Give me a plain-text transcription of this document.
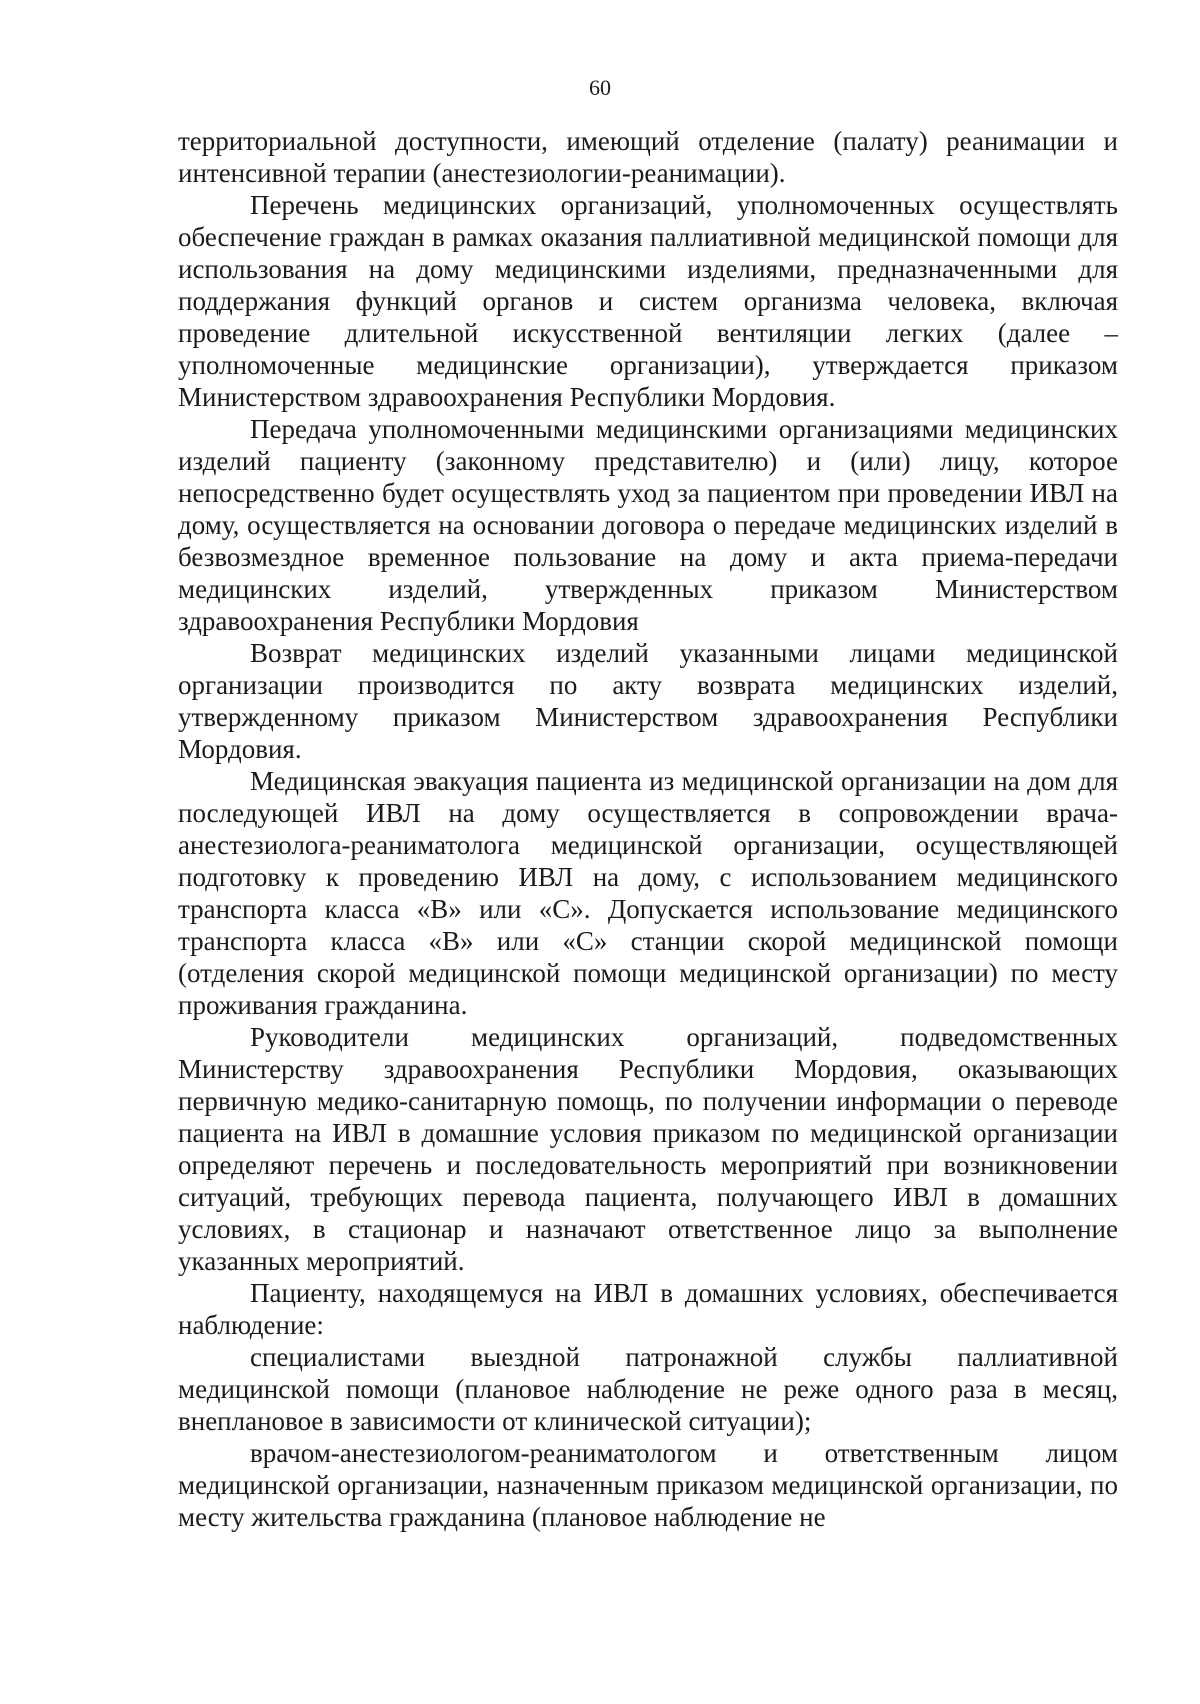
60

территориальной доступности, имеющий отделение (палату) реанимации и интенсивной терапии (анестезиологии-реанимации).

Перечень медицинских организаций, уполномоченных осуществлять обеспечение граждан в рамках оказания паллиативной медицинской помощи для использования на дому медицинскими изделиями, предназначенными для поддержания функций органов и систем организма человека, включая проведение длительной искусственной вентиляции легких (далее – уполномоченные медицинские организации), утверждается приказом Министерством здравоохранения Республики Мордовия.

Передача уполномоченными медицинскими организациями медицинских изделий пациенту (законному представителю) и (или) лицу, которое непосредственно будет осуществлять уход за пациентом при проведении ИВЛ на дому, осуществляется на основании договора о передаче медицинских изделий в безвозмездное временное пользование на дому и акта приема-передачи медицинских изделий, утвержденных приказом Министерством здравоохранения Республики Мордовия

Возврат медицинских изделий указанными лицами медицинской организации производится по акту возврата медицинских изделий, утвержденному приказом Министерством здравоохранения Республики Мордовия.

Медицинская эвакуация пациента из медицинской организации на дом для последующей ИВЛ на дому осуществляется в сопровождении врача-анестезиолога-реаниматолога медицинской организации, осуществляющей подготовку к проведению ИВЛ на дому, с использованием медицинского транспорта класса «В» или «С». Допускается использование медицинского транспорта класса «В» или «С» станции скорой медицинской помощи (отделения скорой медицинской помощи медицинской организации) по месту проживания гражданина.

Руководители медицинских организаций, подведомственных Министерству здравоохранения Республики Мордовия, оказывающих первичную медико-санитарную помощь, по получении информации о переводе пациента на ИВЛ в домашние условия приказом по медицинской организации определяют перечень и последовательность мероприятий при возникновении ситуаций, требующих перевода пациента, получающего ИВЛ в домашних условиях, в стационар и назначают ответственное лицо за выполнение указанных мероприятий.

Пациенту, находящемуся на ИВЛ в домашних условиях, обеспечивается наблюдение:

специалистами выездной патронажной службы паллиативной медицинской помощи (плановое наблюдение не реже одного раза в месяц, внеплановое в зависимости от клинической ситуации);

врачом-анестезиологом-реаниматологом и ответственным лицом медицинской организации, назначенным приказом медицинской организации, по месту жительства гражданина (плановое наблюдение не
